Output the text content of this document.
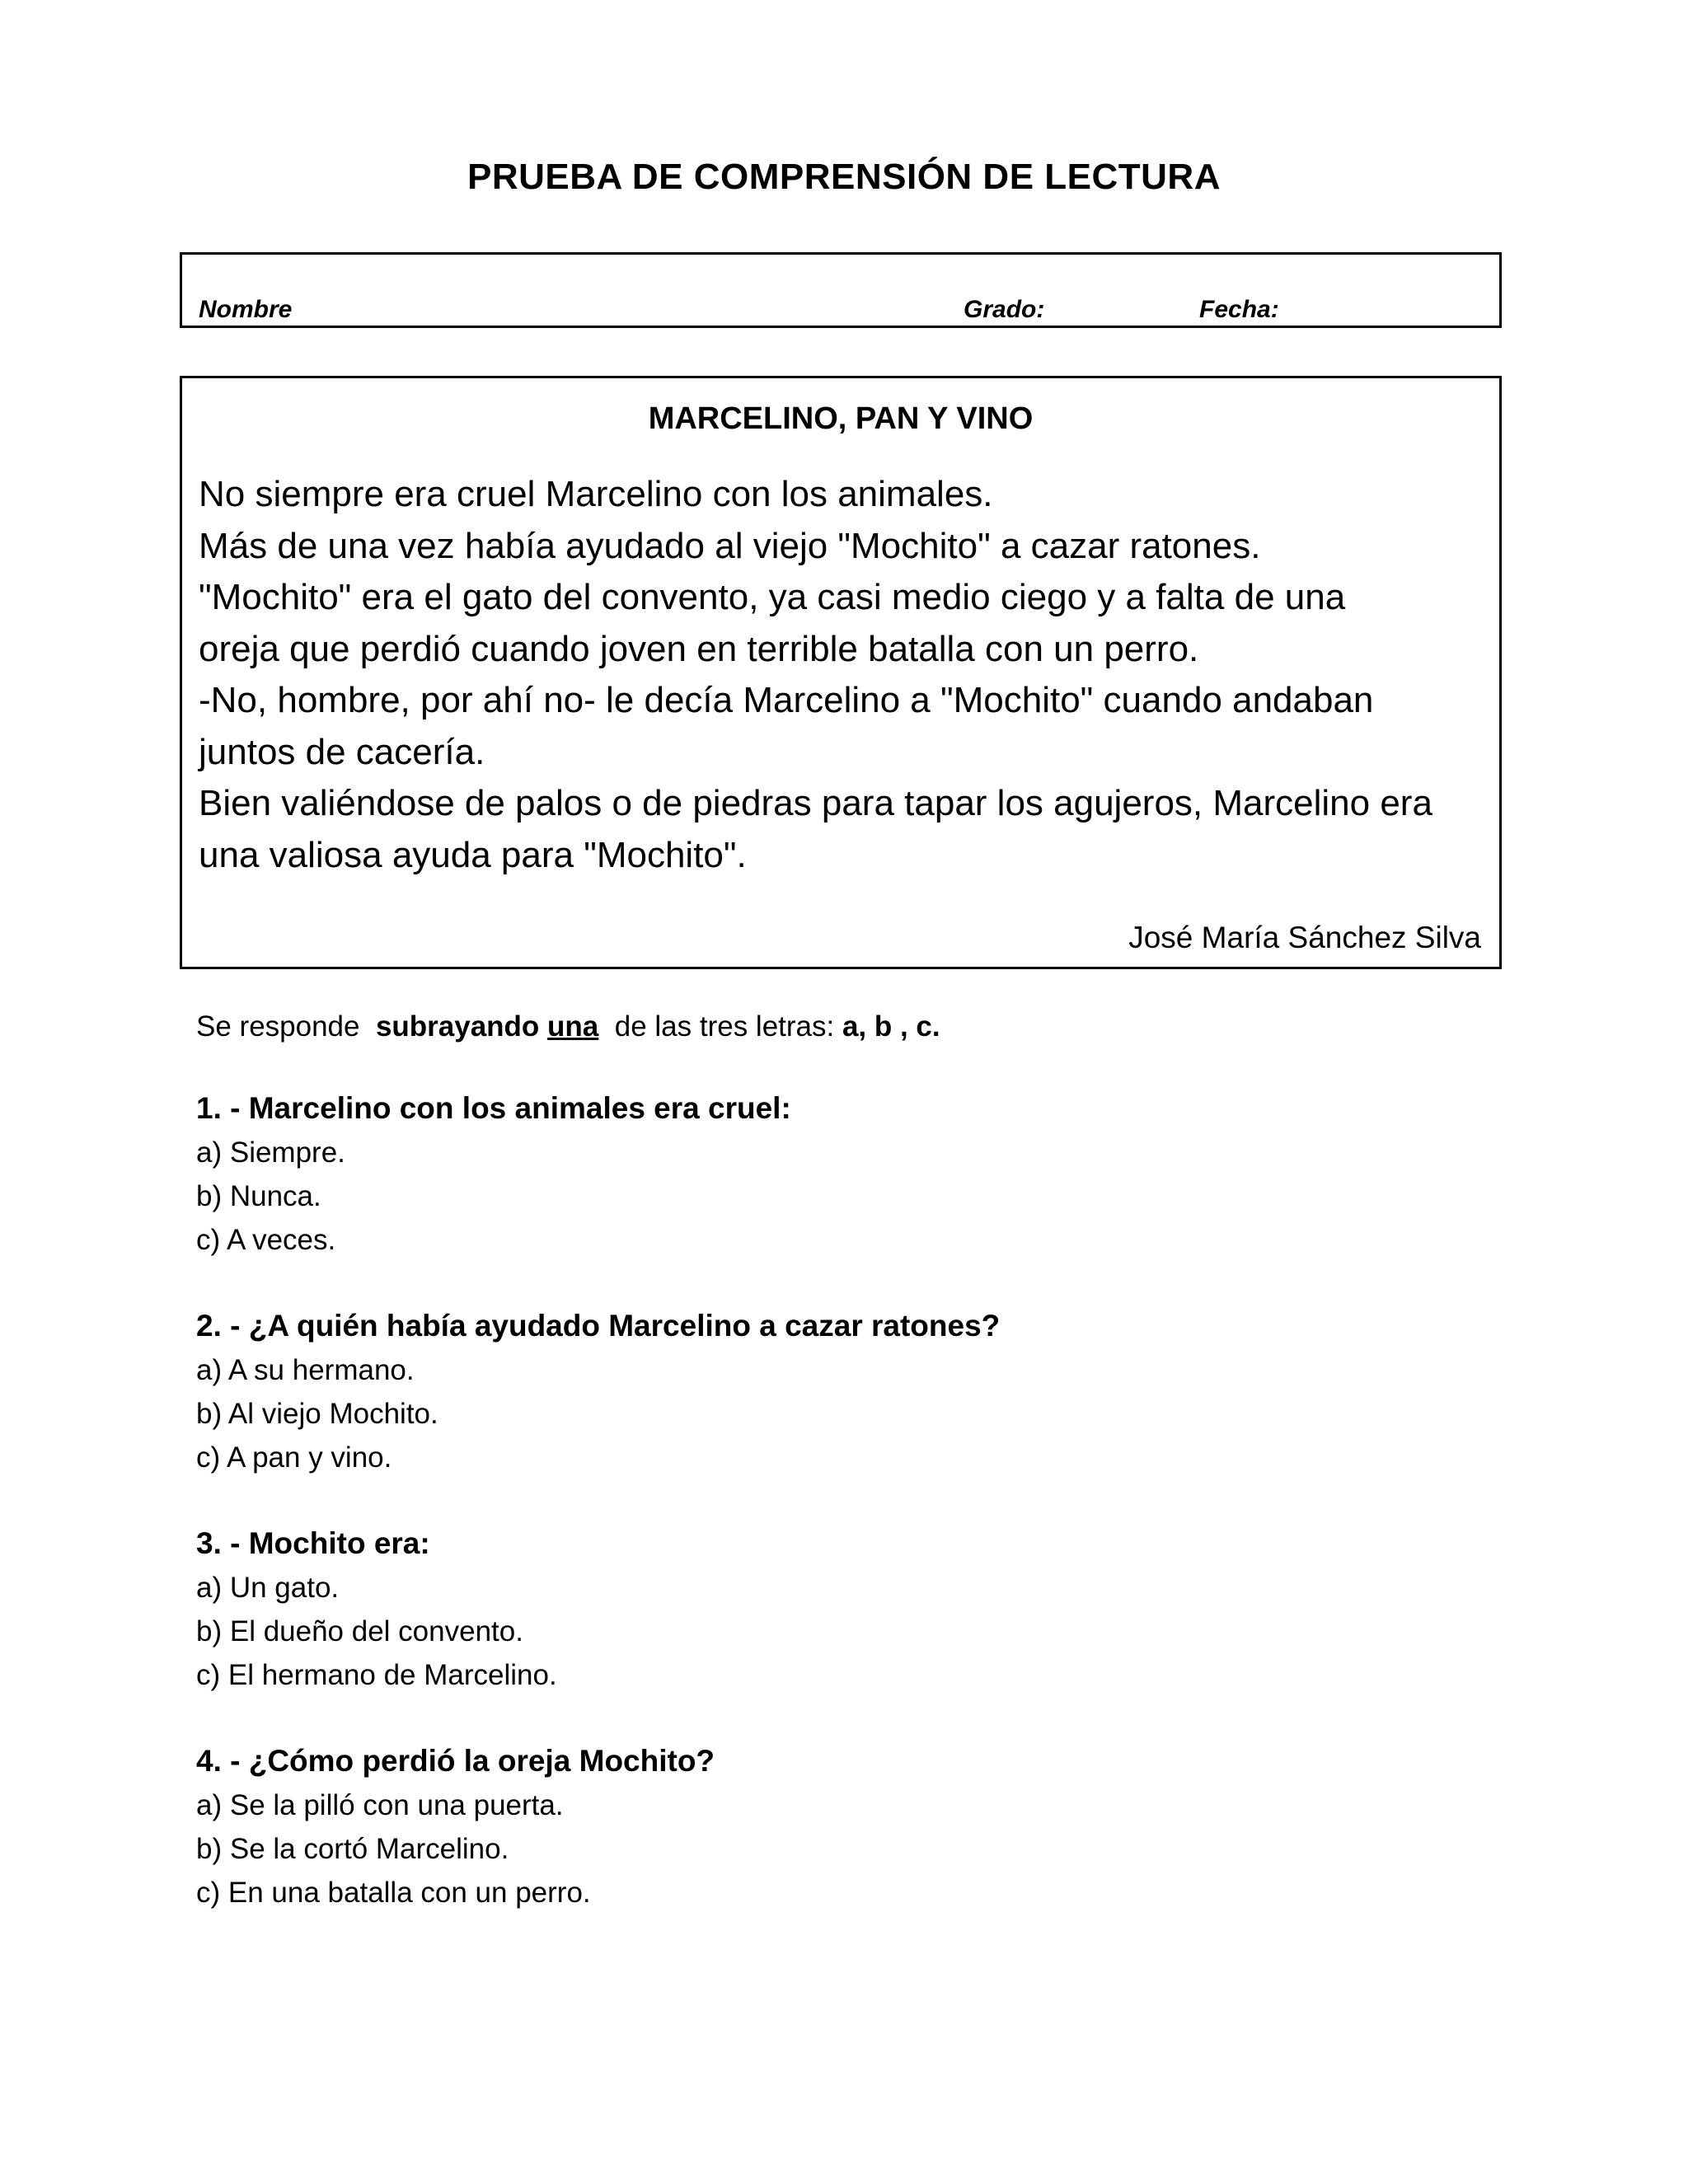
PRUEBA DE COMPRENSIÓN DE LECTURA
Nombre	Grado:	Fecha:
MARCELINO, PAN Y VINO
No siempre era cruel Marcelino con los animales.
Más de una vez había ayudado al viejo "Mochito" a cazar ratones.
"Mochito" era el gato del convento, ya casi medio ciego y a falta de una
oreja que perdió cuando joven en terrible batalla con un perro.
-No, hombre, por ahí no- le decía Marcelino a "Mochito" cuando andaban
juntos de cacería.
Bien valiéndose de palos o de piedras para tapar los agujeros, Marcelino era
una valiosa ayuda para "Mochito".
José María Sánchez Silva
Se responde  subrayando una  de las tres letras: a, b , c.
1. - Marcelino con los animales era cruel:
a) Siempre.
b) Nunca.
c) A veces.
2. - ¿A quién había ayudado Marcelino a cazar ratones?
a) A su hermano.
b) Al viejo Mochito.
c) A pan y vino.
3. - Mochito era:
a) Un gato.
b) El dueño del convento.
c) El hermano de Marcelino.
4. - ¿Cómo perdió la oreja Mochito?
a) Se la pilló con una puerta.
b) Se la cortó Marcelino.
c) En una batalla con un perro.
